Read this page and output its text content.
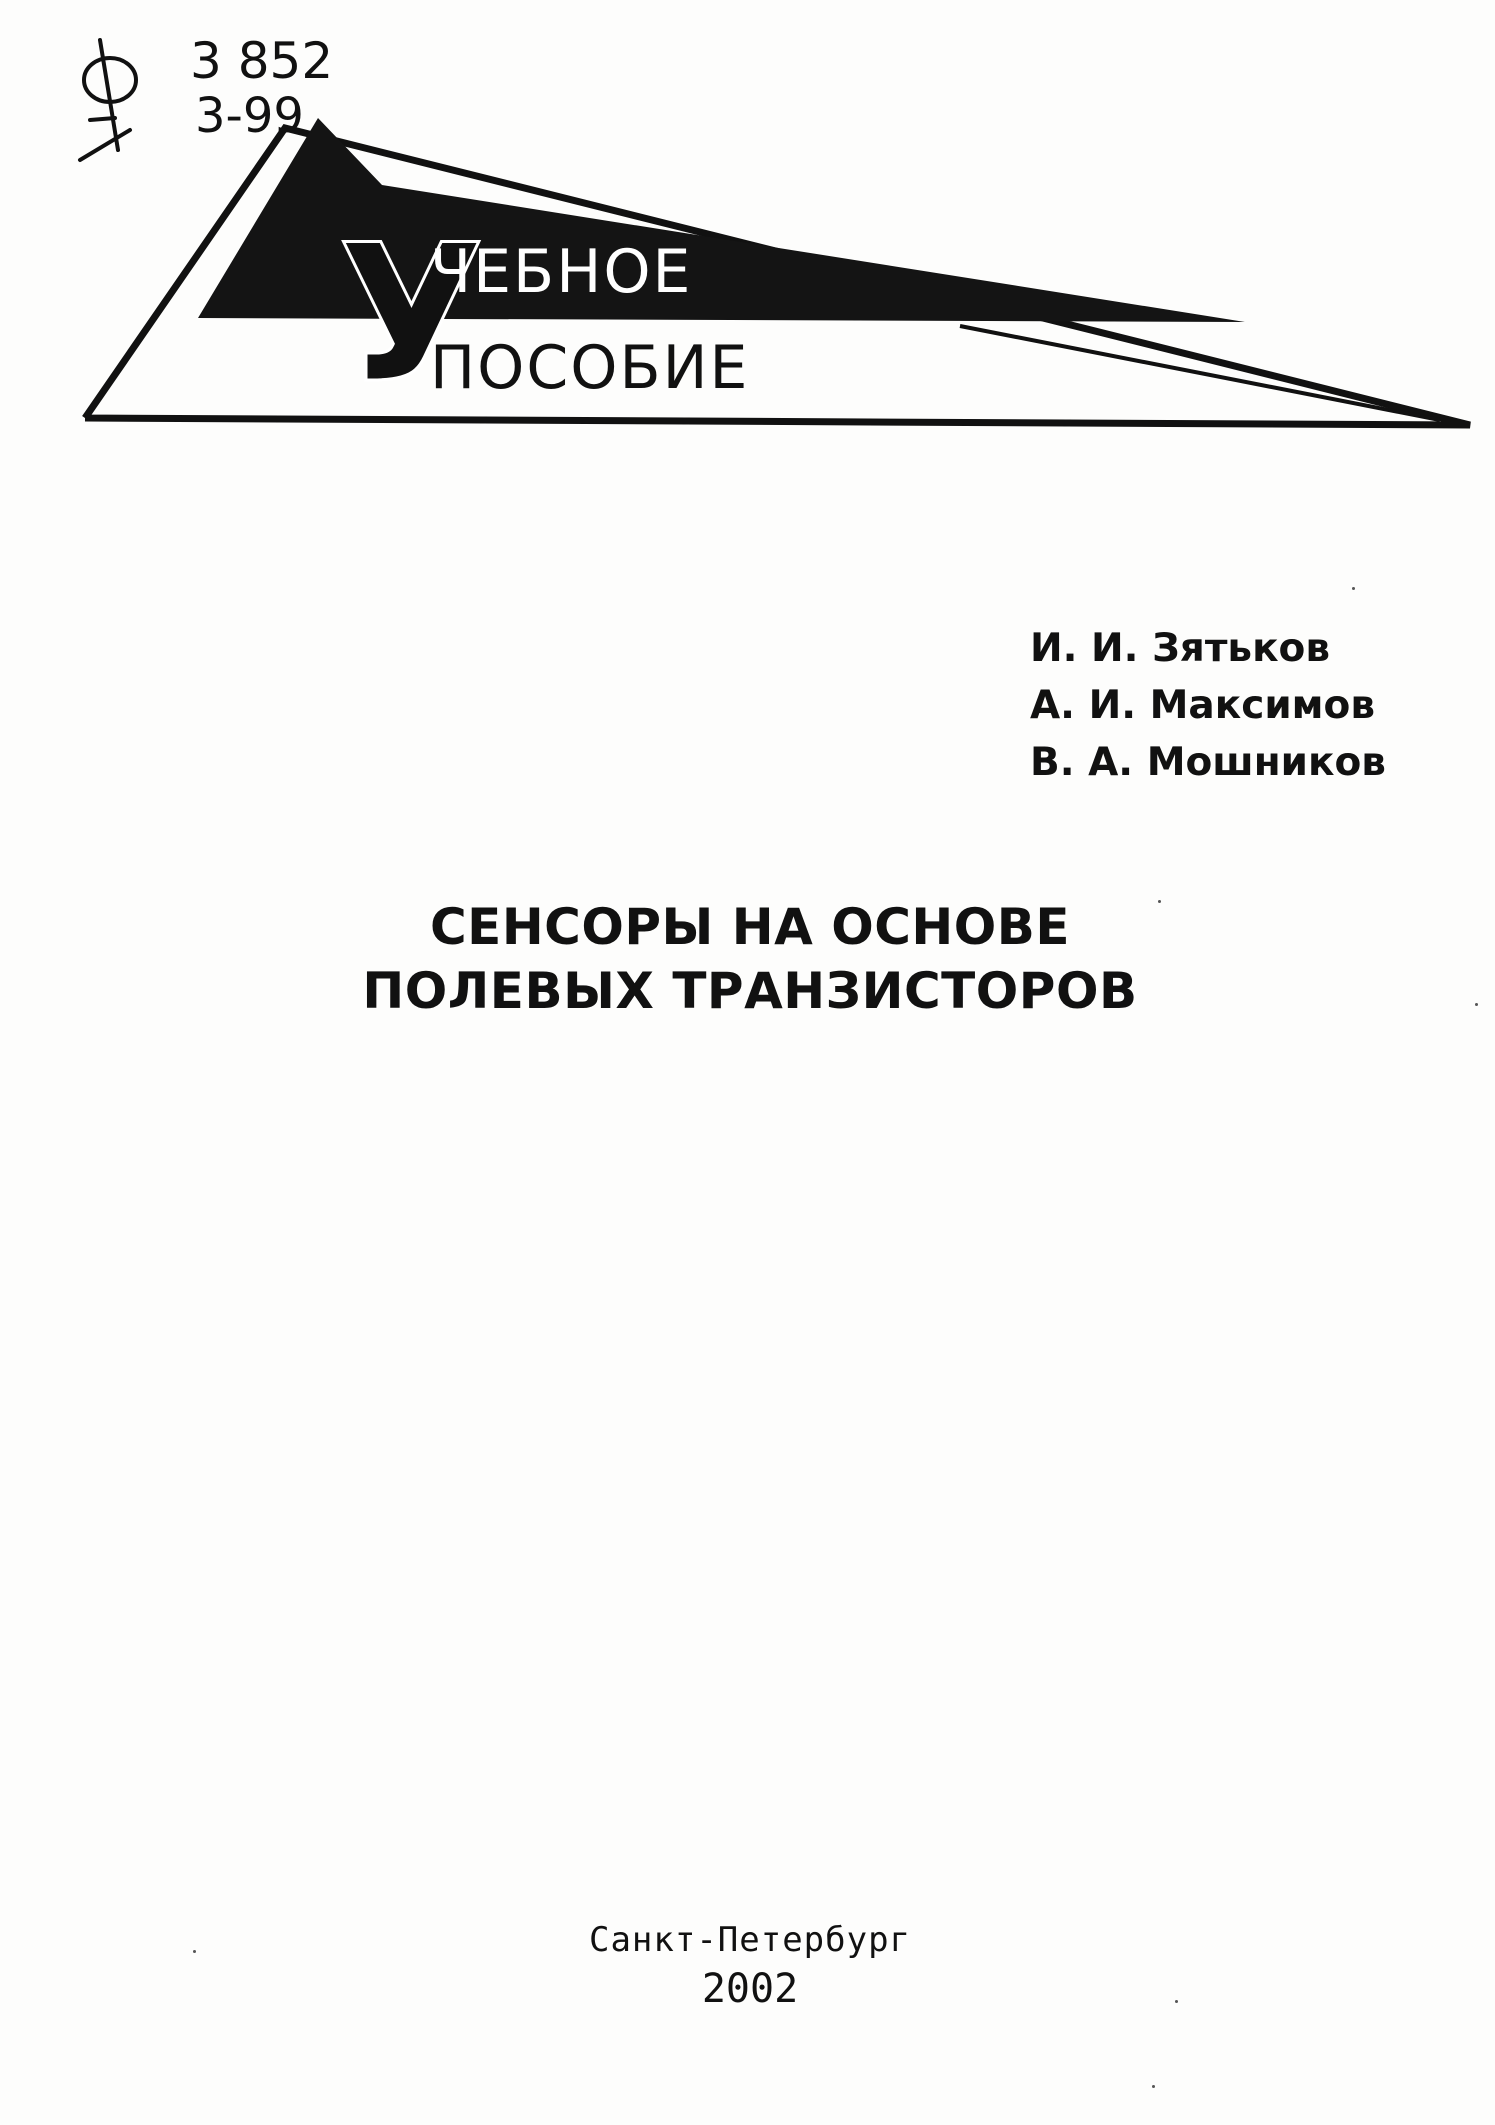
У
ЧЕБНОЕ
ПОСОБИЕ
3 852
3-99
И. И. Зятьков
А. И. Максимов
В. А. Мошников
СЕНСОРЫ НА ОСНОВЕ
ПОЛЕВЫХ ТРАНЗИСТОРОВ
Санкт-Петербург
2002
